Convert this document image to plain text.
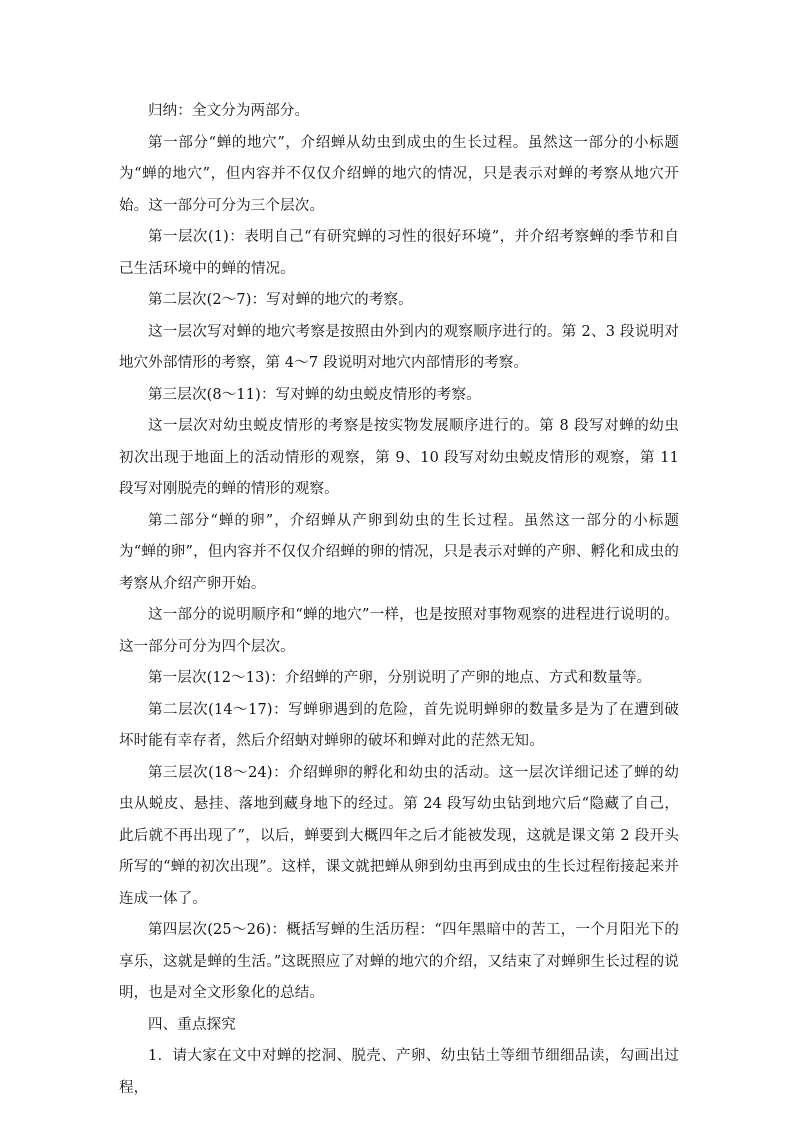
归纳：全文分为两部分。

第一部分“蝉的地穴”，介绍蝉从幼虫到成虫的生长过程。虽然这一部分的小标题为“蝉的地穴”，但内容并不仅仅介绍蝉的地穴的情况，只是表示对蝉的考察从地穴开始。这一部分可分为三个层次。

第一层次(1)：表明自己“有研究蝉的习性的很好环境”，并介绍考察蝉的季节和自己生活环境中的蝉的情况。

第二层次(2～7)：写对蝉的地穴的考察。

这一层次写对蝉的地穴考察是按照由外到内的观察顺序进行的。第 2、3 段说明对地穴外部情形的考察，第 4～7 段说明对地穴内部情形的考察。

第三层次(8～11)：写对蝉的幼虫蜕皮情形的考察。

这一层次对幼虫蜕皮情形的考察是按实物发展顺序进行的。第 8 段写对蝉的幼虫初次出现于地面上的活动情形的观察，第 9、10 段写对幼虫蜕皮情形的观察，第 11 段写对刚脱壳的蝉的情形的观察。

第二部分“蝉的卵”，介绍蝉从产卵到幼虫的生长过程。虽然这一部分的小标题为“蝉的卵”，但内容并不仅仅介绍蝉的卵的情况，只是表示对蝉的产卵、孵化和成虫的考察从介绍产卵开始。

这一部分的说明顺序和“蝉的地穴”一样，也是按照对事物观察的进程进行说明的。这一部分可分为四个层次。

第一层次(12～13)：介绍蝉的产卵，分别说明了产卵的地点、方式和数量等。

第二层次(14～17)：写蝉卵遇到的危险，首先说明蝉卵的数量多是为了在遭到破坏时能有幸存者，然后介绍蚋对蝉卵的破坏和蝉对此的茫然无知。

第三层次(18～24)：介绍蝉卵的孵化和幼虫的活动。这一层次详细记述了蝉的幼虫从蜕皮、悬挂、落地到藏身地下的经过。第 24 段写幼虫钻到地穴后“隐藏了自己，此后就不再出现了”，以后，蝉要到大概四年之后才能被发现，这就是课文第 2 段开头所写的“蝉的初次出现”。这样，课文就把蝉从卵到幼虫再到成虫的生长过程衔接起来并连成一体了。

第四层次(25～26)：概括写蝉的生活历程：“四年黑暗中的苦工，一个月阳光下的享乐，这就是蝉的生活。”这既照应了对蝉的地穴的介绍，又结束了对蝉卵生长过程的说明，也是对全文形象化的总结。

四、重点探究

1．请大家在文中对蝉的挖洞、脱壳、产卵、幼虫钻土等细节细细品读，勾画出过程，
